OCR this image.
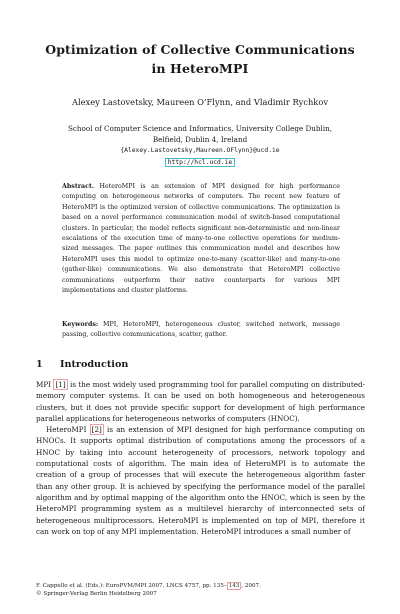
Optimization of Collective Communications
in HeteroMPI
Alexey Lastovetsky, Maureen O’Flynn, and Vladimir Rychkov
School of Computer Science and Informatics, University College Dublin,
Belfield, Dublin 4, Ireland
{Alexey.Lastovetsky,Maureen.OFlynn}@ucd.ie
http://hcl.ucd.ie
Abstract. HeteroMPI is an extension of MPI designed for high performance computing on heterogeneous networks of computers. The recent new feature of HeteroMPI is the optimized version of collective communications. The optimization is based on a novel performance communication model of switch-based computational clusters. In particular, the model reflects significant non-deterministic and non-linear escalations of the execution time of many-to-one collective operations for medium-sized messages. The paper outlines this communication model and describes how HeteroMPI uses this model to optimize one-to-many (scatter-like) and many-to-one (gather-like) communications. We also demonstrate that HeteroMPI collective communications outperform their native counterparts for various MPI implementations and cluster platforms.
Keywords: MPI, HeteroMPI, heterogeneous cluster, switched network, message passing, collective communications, scatter, gather.
1 Introduction

MPI [1] is the most widely used programming tool for parallel computing on distributed-memory computer systems. It can be used on both homogeneous and heterogeneous clusters, but it does not provide specific support for development of high performance parallel applications for heterogeneous networks of computers (HNOC).

HeteroMPI [2] is an extension of MPI designed for high performance computing on HNOCs. It supports optimal distribution of computations among the processors of a HNOC by taking into account heterogeneity of processors, network topology and computational costs of algorithm. The main idea of HeteroMPI is to automate the creation of a group of processes that will execute the heterogeneous algorithm faster than any other group. It is achieved by specifying the performance model of the parallel algorithm and by optimal mapping of the algorithm onto the HNOC, which is seen by the HeteroMPI programming system as a multilevel hierarchy of interconnected sets of heterogeneous multiprocessors. HeteroMPI is implemented on top of MPI, therefore it can work on top of any MPI implementation. HeteroMPI introduces a small number of

F. Cappello et al. (Eds.): EuroPVM/MPI 2007, LNCS 4757, pp. 135– 143 , 2007.
© Springer-Verlag Berlin Heidelberg 2007
